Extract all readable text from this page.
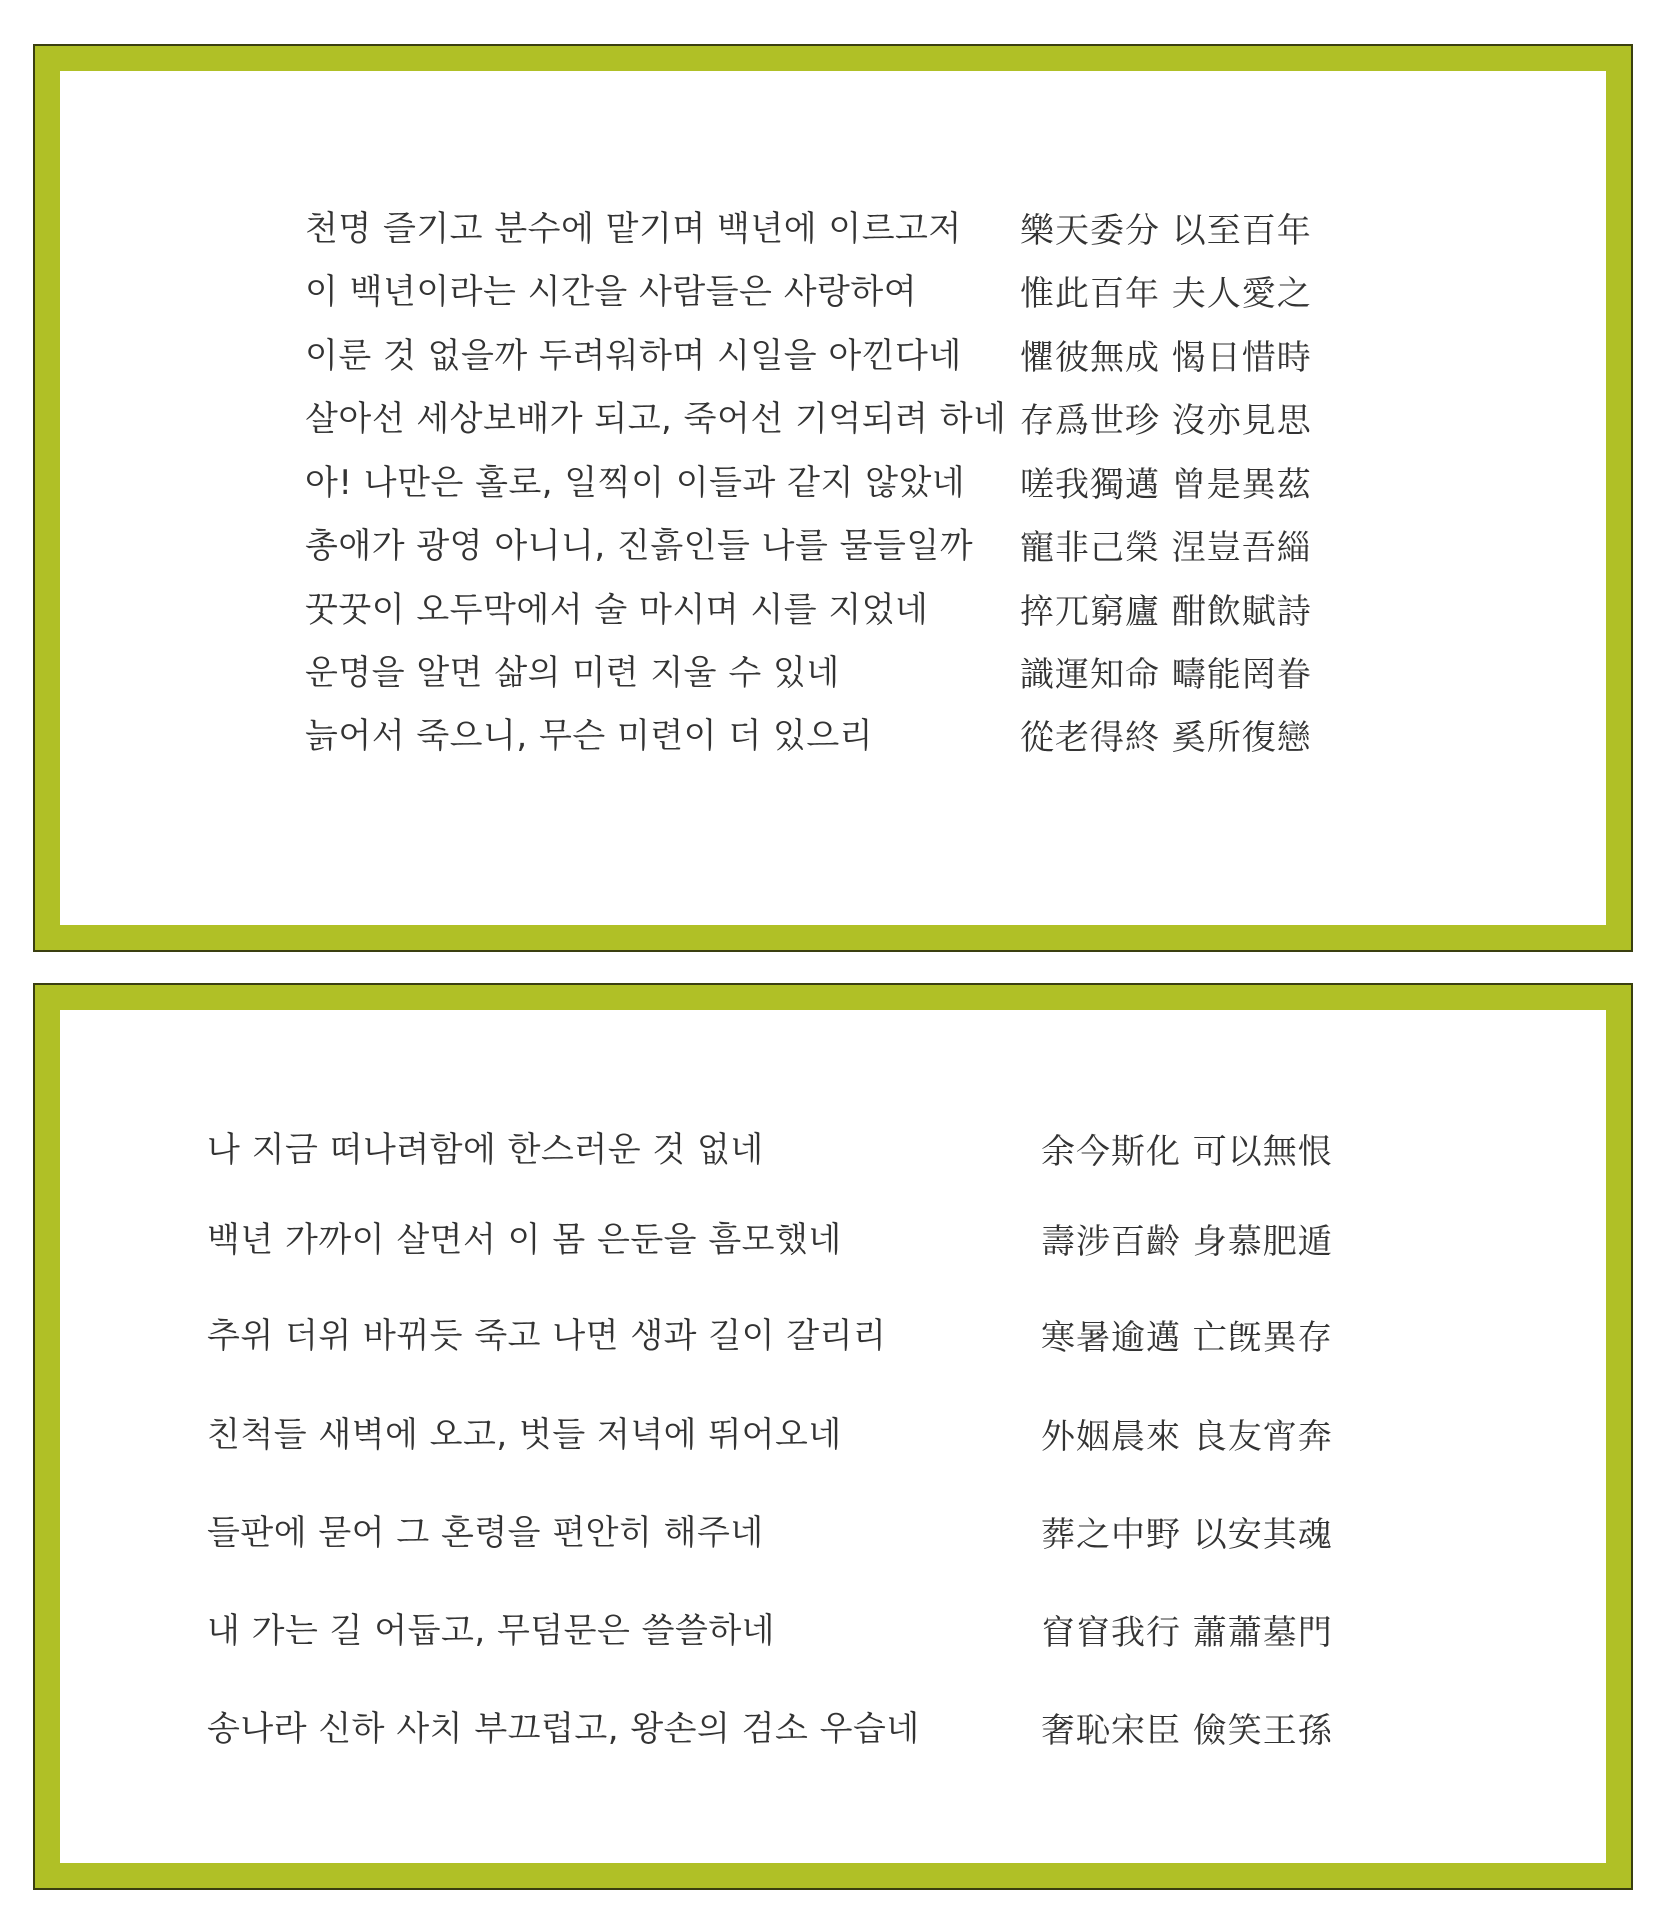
천명 즐기고 분수에 맡기며 백년에 이르고저 樂天委分 以至百年
이 백년이라는 시간을 사람들은 사랑하여	惟此百年 夫人愛之
이룬 것 없을까 두려워하며 시일을 아낀다네 懼彼無成 愒日惜時
살아선 세상보배가 되고, 죽어선 기억되려 하네 存爲世珍 沒亦見思
아! 나만은 홀로, 일찍이 이들과 같지 않았네 嗟我獨邁 曾是異茲
총애가 광영 아니니, 진흙인들 나를 물들일까 寵非己榮 涅豈吾緇
꿋꿋이 오두막에서 술 마시며 시를 지었네	捽兀窮廬 酣飲賦詩
운명을 알면 삶의 미련 지울 수 있네	識運知命 疇能罔眷
늙어서 죽으니, 무슨 미련이 더 있으리	從老得終 奚所復戀
나 지금 떠나려함에 한스러운 것 없네	余今斯化 可以無恨
백년 가까이 살면서 이 몸 은둔을 흠모했네	壽涉百齡 身慕肥遁
추위 더위 바뀌듯 죽고 나면 생과 길이 갈리리	寒暑逾邁 亡旣異存
친척들 새벽에 오고, 벗들 저녁에 뛰어오네	外姻晨來 良友宵奔
들판에 묻어 그 혼령을 편안히 해주네	葬之中野 以安其魂
내 가는 길 어둡고, 무덤문은 쓸쓸하네	窅窅我行 蕭蕭墓門
송나라 신하 사치 부끄럽고, 왕손의 검소 우습네	奢恥宋臣 儉笑王孫
